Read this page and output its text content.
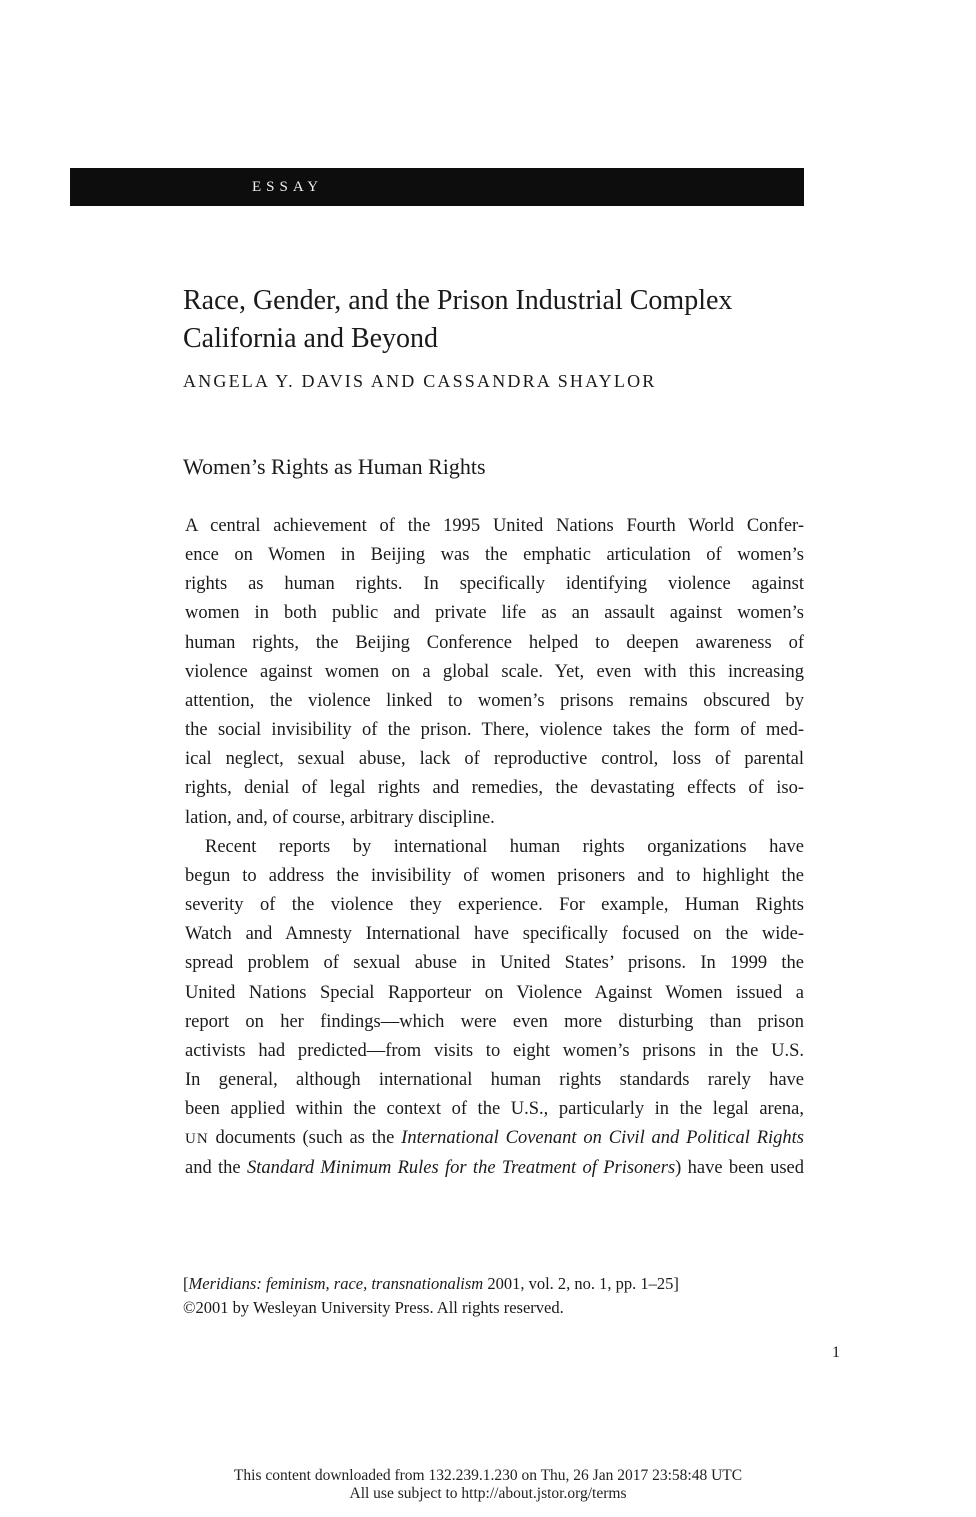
ESSAY

Race, Gender, and the Prison Industrial Complex
California and Beyond

ANGELA Y. DAVIS AND CASSANDRA SHAYLOR

Women’s Rights as Human Rights

A central achievement of the 1995 United Nations Fourth World Confer-
ence on Women in Beijing was the emphatic articulation of women’s
rights as human rights. In specifically identifying violence against
women in both public and private life as an assault against women’s
human rights, the Beijing Conference helped to deepen awareness of
violence against women on a global scale. Yet, even with this increasing
attention, the violence linked to women’s prisons remains obscured by
the social invisibility of the prison. There, violence takes the form of med-
ical neglect, sexual abuse, lack of reproductive control, loss of parental
rights, denial of legal rights and remedies, the devastating effects of iso-
lation, and, of course, arbitrary discipline.

Recent reports by international human rights organizations have
begun to address the invisibility of women prisoners and to highlight the
severity of the violence they experience. For example, Human Rights
Watch and Amnesty International have specifically focused on the wide-
spread problem of sexual abuse in United States’ prisons. In 1999 the
United Nations Special Rapporteur on Violence Against Women issued a
report on her findings—which were even more disturbing than prison
activists had predicted—from visits to eight women’s prisons in the U.S.
In general, although international human rights standards rarely have
been applied within the context of the U.S., particularly in the legal arena,
UN documents (such as the International Covenant on Civil and Political Rights
and the Standard Minimum Rules for the Treatment of Prisoners) have been used

[Meridians: feminism, race, transnationalism 2001, vol. 2, no. 1, pp. 1–25]
©2001 by Wesleyan University Press. All rights reserved.

1

This content downloaded from 132.239.1.230 on Thu, 26 Jan 2017 23:58:48 UTC
All use subject to http://about.jstor.org/terms
